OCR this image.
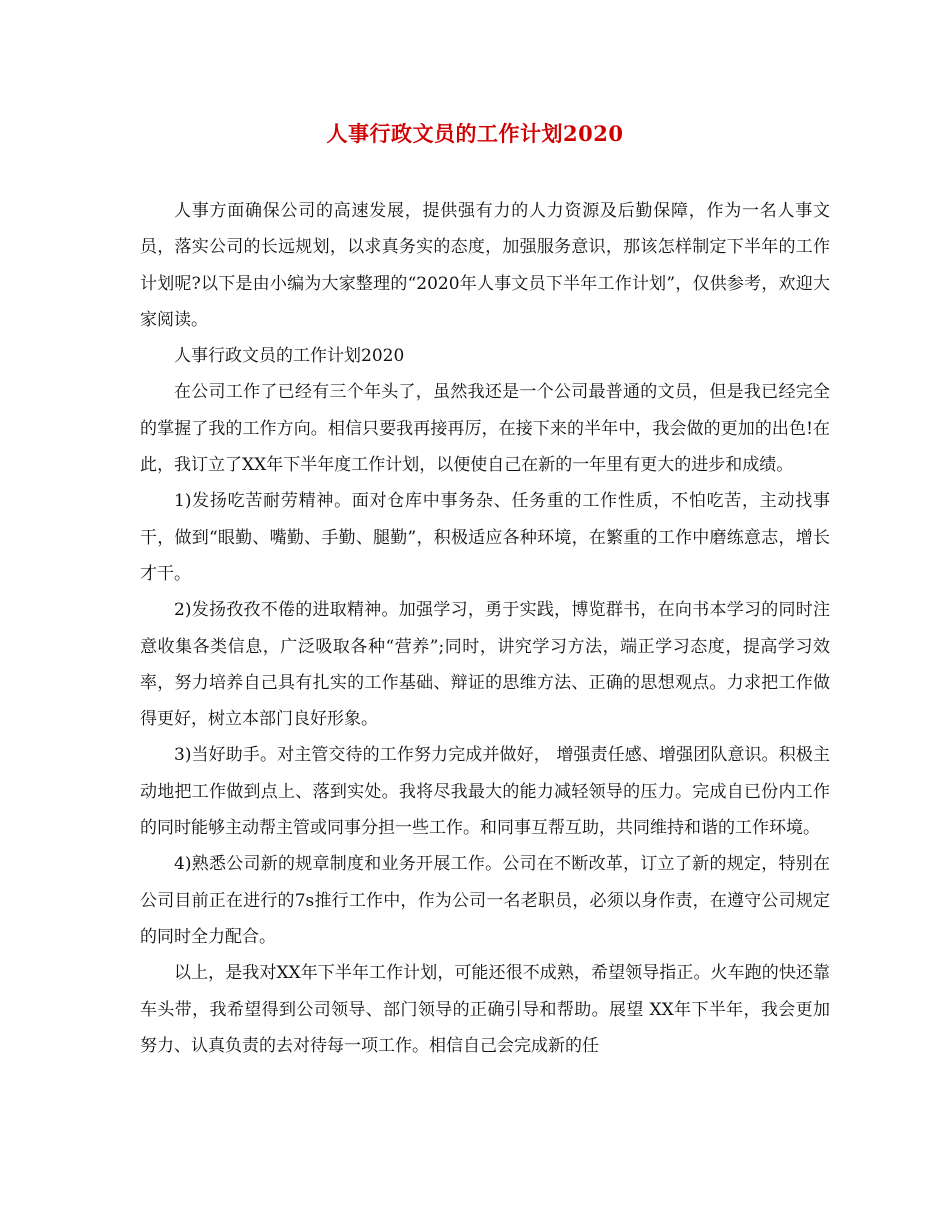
人事行政文员的工作计划2020

人事方面确保公司的高速发展，提供强有力的人力资源及后勤保障，作为一名人事文员，落实公司的长远规划，以求真务实的态度，加强服务意识，那该怎样制定下半年的工作计划呢?以下是由小编为大家整理的“2020年人事文员下半年工作计划”，仅供参考，欢迎大家阅读。

人事行政文员的工作计划2020

在公司工作了已经有三个年头了，虽然我还是一个公司最普通的文员，但是我已经完全的掌握了我的工作方向。相信只要我再接再厉，在接下来的半年中，我会做的更加的出色!在此，我订立了XX年下半年度工作计划，以便使自己在新的一年里有更大的进步和成绩。

1)发扬吃苦耐劳精神。面对仓库中事务杂、任务重的工作性质，不怕吃苦，主动找事干，做到“眼勤、嘴勤、手勤、腿勤”，积极适应各种环境，在繁重的工作中磨练意志，增长才干。

2)发扬孜孜不倦的进取精神。加强学习，勇于实践，博览群书，在向书本学习的同时注意收集各类信息，广泛吸取各种“营养”;同时，讲究学习方法，端正学习态度，提高学习效率，努力培养自己具有扎实的工作基础、辩证的思维方法、正确的思想观点。力求把工作做得更好，树立本部门良好形象。

3)当好助手。对主管交待的工作努力完成并做好， 增强责任感、增强团队意识。积极主动地把工作做到点上、落到实处。我将尽我最大的能力减轻领导的压力。完成自已份内工作的同时能够主动帮主管或同事分担一些工作。和同事互帮互助，共同维持和谐的工作环境。

4)熟悉公司新的规章制度和业务开展工作。公司在不断改革，订立了新的规定，特别在公司目前正在进行的7s推行工作中，作为公司一名老职员，必须以身作责，在遵守公司规定的同时全力配合。

以上，是我对XX年下半年工作计划，可能还很不成熟，希望领导指正。火车跑的快还靠车头带，我希望得到公司领导、部门领导的正确引导和帮助。展望 XX年下半年，我会更加努力、认真负责的去对待每一项工作。相信自己会完成新的任
